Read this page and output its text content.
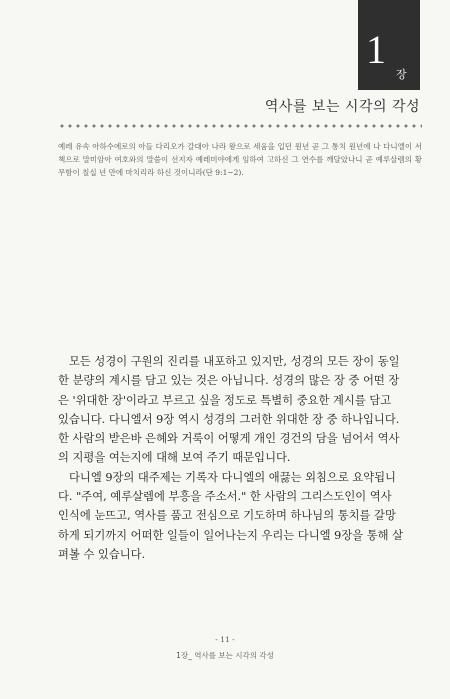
1
장
역사를 보는 시각의 각성
예레 유속 아하수에로의 아들 다리오가 갈대아 나라 왕으로 세움을 입던 원년 곧 그 통치 원년에 나 다니엘이 서책으로 말미암아 여호와의 말씀이 선지자 예레미야에게 임하여 고하신 그 연수를 깨달았나니 곧 예루살렘의 황무함이 칠십 년 만에 마치리라 하신 것이니라(단 9:1~2).

모든 성경이 구원의 진리를 내포하고 있지만, 성경의 모든 장이 동일
한 분량의 계시를 담고 있는 것은 아닙니다. 성경의 많은 장 중 어떤 장
은 '위대한 장'이라고 부르고 싶을 정도로 특별히 중요한 계시를 담고
있습니다. 다니엘서 9장 역시 성경의 그러한 위대한 장 중 하나입니다.
한 사람의 받은바 은혜와 거룩이 어떻게 개인 경건의 담을 넘어서 역사
의 지평을 여는지에 대해 보여 주기 때문입니다.

다니엘 9장의 대주제는 기록자 다니엘의 애끓는 외침으로 요약됩니
다. "주여, 예루살렘에 부흥을 주소서." 한 사람의 그리스도인이 역사
인식에 눈뜨고, 역사를 품고 전심으로 기도하며 하나님의 통치를 갈망
하게 되기까지 어떠한 일들이 일어나는지 우리는 다니엘 9장을 통해 살
펴볼 수 있습니다.

- 11 -
1장_ 역사를 보는 시각의 각성
